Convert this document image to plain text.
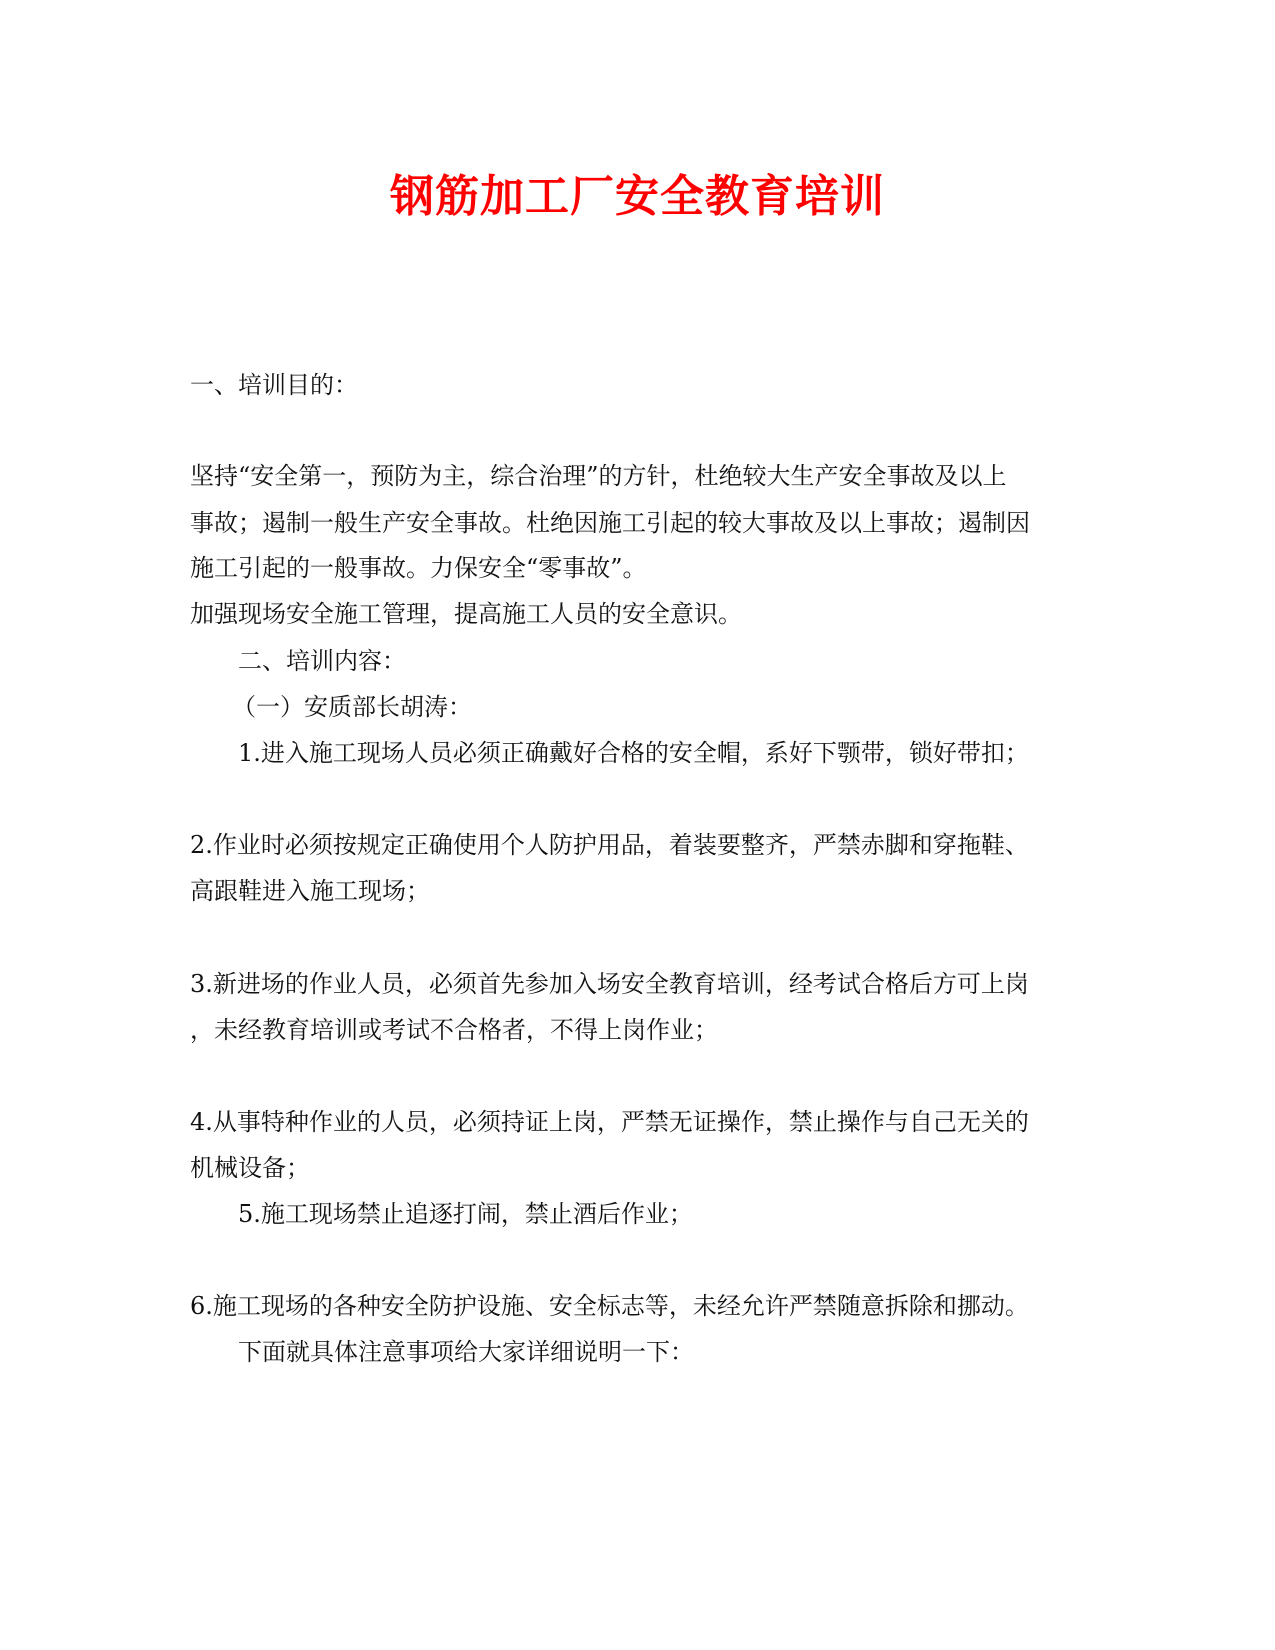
钢筋加工厂安全教育培训
一、培训目的：
坚持“安全第一，预防为主，综合治理”的方针，杜绝较大生产安全事故及以上
事故；遏制一般生产安全事故。杜绝因施工引起的较大事故及以上事故；遏制因
施工引起的一般事故。力保安全“零事故”。
加强现场安全施工管理，提高施工人员的安全意识。
二、培训内容：
（一）安质部长胡涛：
1.进入施工现场人员必须正确戴好合格的安全帽，系好下颚带，锁好带扣；
2.作业时必须按规定正确使用个人防护用品，着装要整齐，严禁赤脚和穿拖鞋、
高跟鞋进入施工现场；
3.新进场的作业人员，必须首先参加入场安全教育培训，经考试合格后方可上岗
，未经教育培训或考试不合格者，不得上岗作业；
4.从事特种作业的人员，必须持证上岗，严禁无证操作，禁止操作与自己无关的
机械设备；
5.施工现场禁止追逐打闹，禁止酒后作业；
6.施工现场的各种安全防护设施、安全标志等，未经允许严禁随意拆除和挪动。
下面就具体注意事项给大家详细说明一下：
